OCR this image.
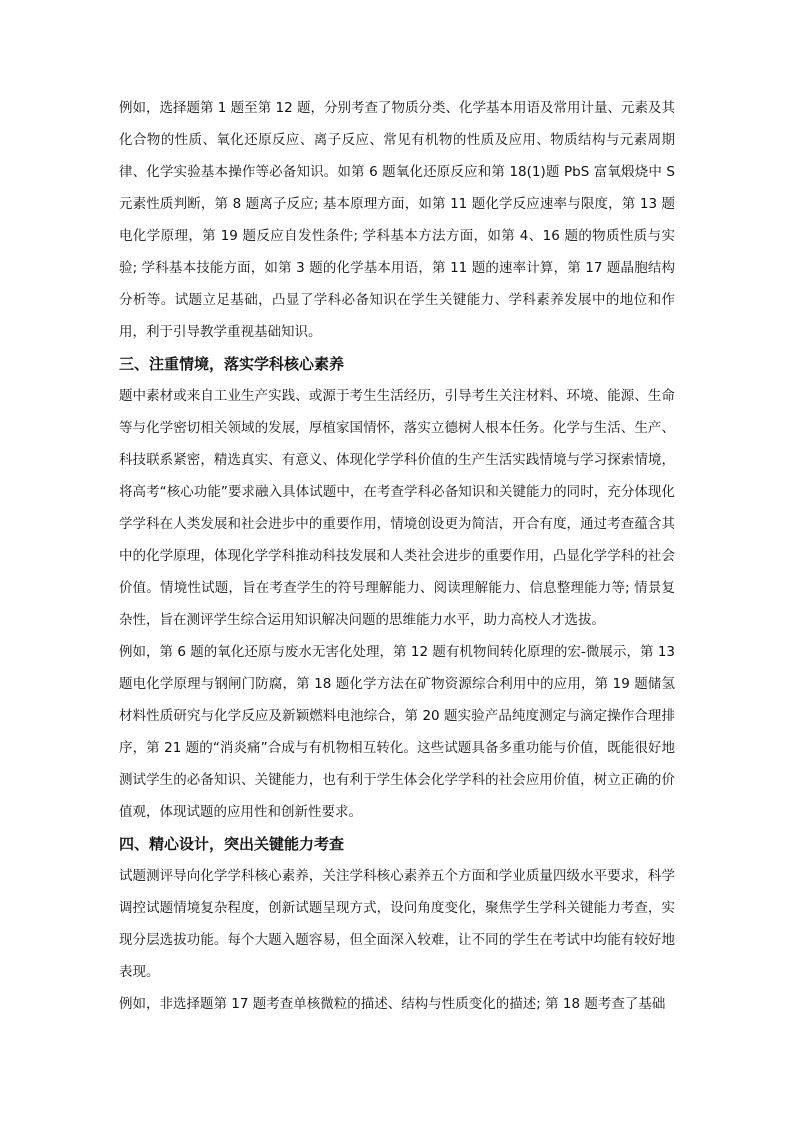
例如，选择题第 1 题至第 12 题，分别考查了物质分类、化学基本用语及常用计量、元素及其化合物的性质、氧化还原反应、离子反应、常见有机物的性质及应用、物质结构与元素周期律、化学实验基本操作等必备知识。如第 6 题氧化还原反应和第 18(1)题 PbS 富氧煅烧中 S 元素性质判断，第 8 题离子反应; 基本原理方面，如第 11 题化学反应速率与限度，第 13 题电化学原理，第 19 题反应自发性条件; 学科基本方法方面，如第 4、16 题的物质性质与实验; 学科基本技能方面，如第 3 题的化学基本用语，第 11 题的速率计算，第 17 题晶胞结构分析等。试题立足基础，凸显了学科必备知识在学生关键能力、学科素养发展中的地位和作用，利于引导教学重视基础知识。

三、注重情境，落实学科核心素养

题中素材或来自工业生产实践、或源于考生生活经历，引导考生关注材料、环境、能源、生命等与化学密切相关领域的发展，厚植家国情怀，落实立德树人根本任务。化学与生活、生产、科技联系紧密，精选真实、有意义、体现化学学科价值的生产生活实践情境与学习探索情境，将高考“核心功能”要求融入具体试题中，在考查学科必备知识和关键能力的同时，充分体现化学学科在人类发展和社会进步中的重要作用，情境创设更为简洁，开合有度，通过考查蕴含其中的化学原理，体现化学学科推动科技发展和人类社会进步的重要作用，凸显化学学科的社会价值。情境性试题，旨在考查学生的符号理解能力、阅读理解能力、信息整理能力等; 情景复杂性，旨在测评学生综合运用知识解决问题的思维能力水平，助力高校人才选拔。

例如，第 6 题的氧化还原与废水无害化处理，第 12 题有机物间转化原理的宏-微展示，第 13 题电化学原理与钢闸门防腐，第 18 题化学方法在矿物资源综合利用中的应用，第 19 题储氢材料性质研究与化学反应及新颖燃料电池综合，第 20 题实验产品纯度测定与滴定操作合理排序，第 21 题的“消炎痛”合成与有机物相互转化。这些试题具备多重功能与价值，既能很好地测试学生的必备知识、关键能力，也有利于学生体会化学学科的社会应用价值，树立正确的价值观，体现试题的应用性和创新性要求。

四、精心设计，突出关键能力考查

试题测评导向化学学科核心素养，关注学科核心素养五个方面和学业质量四级水平要求，科学调控试题情境复杂程度，创新试题呈现方式，设问角度变化，聚焦学生学科关键能力考查，实现分层选拔功能。每个大题入题容易，但全面深入较难，让不同的学生在考试中均能有较好地表现。

例如，非选择题第 17 题考查单核微粒的描述、结构与性质变化的描述; 第 18 题考查了基础
